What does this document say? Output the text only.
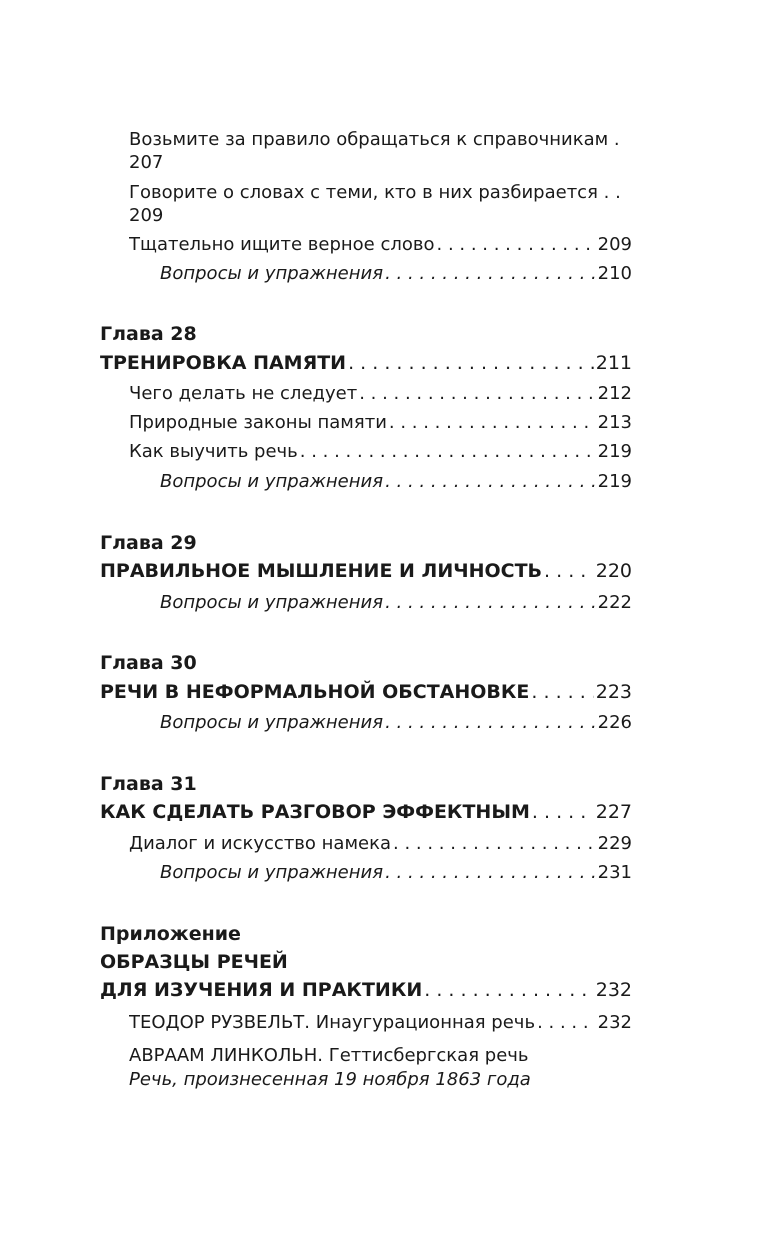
Возьмите за правило обращаться к справочникам .
207
Говорите о словах с теми, кто в них разбирается . .
209
Тщательно ищите верное слово . . .	209
Вопросы и упражнения . . .	210
Глава 28
ТРЕНИРОВКА ПАМЯТИ . . .	211
Чего делать не следует . . .	212
Природные законы памяти . . .	213
Как выучить речь . . .	219
Вопросы и упражнения . . .	219
Глава 29
ПРАВИЛЬНОЕ МЫШЛЕНИЕ И ЛИЧНОСТЬ . . .	220
Вопросы и упражнения . . .	222
Глава 30
РЕЧИ В НЕФОРМАЛЬНОЙ ОБСТАНОВКЕ . . .	223
Вопросы и упражнения . . .	226
Глава 31
КАК СДЕЛАТЬ РАЗГОВОР ЭФФЕКТНЫМ . . .	227
Диалог и искусство намека . . .	229
Вопросы и упражнения . . .	231
Приложение
ОБРАЗЦЫ РЕЧЕЙ
ДЛЯ ИЗУЧЕНИЯ И ПРАКТИКИ . . .	232
ТЕОДОР РУЗВЕЛЬТ. Инаугурационная речь . . .	232
АВРААМ ЛИНКОЛЬН. Геттисбергская речь
Речь, произнесенная 19 ноября 1863 года
